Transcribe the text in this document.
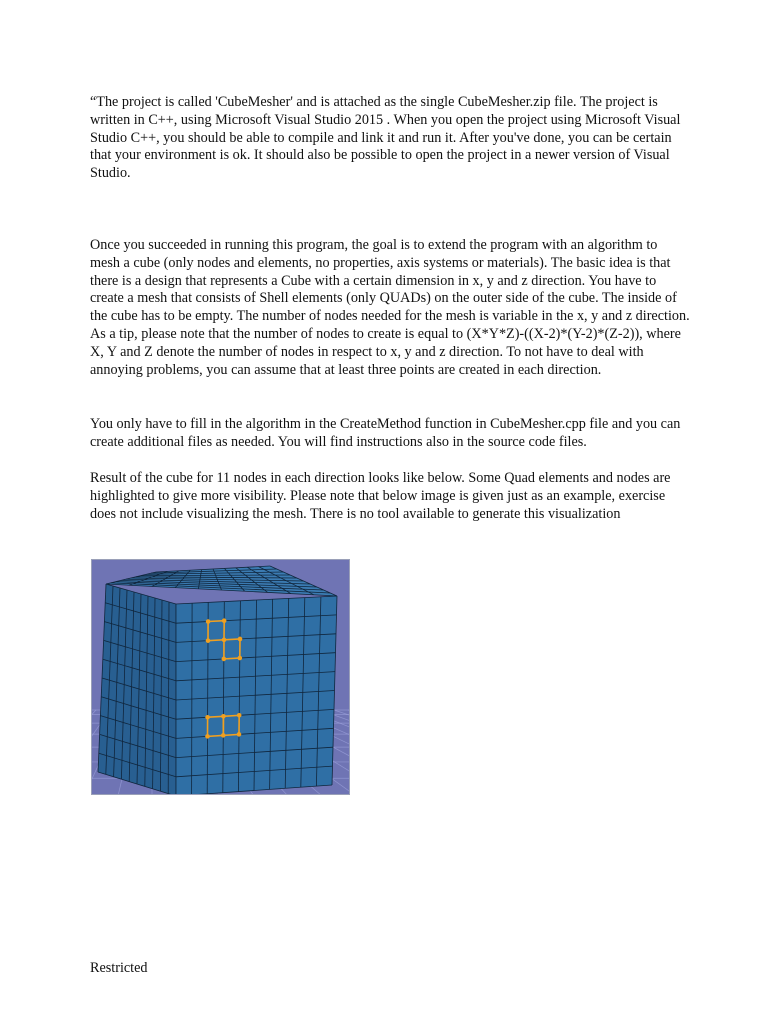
“The project is called 'CubeMesher' and is attached as the single CubeMesher.zip file. The project is written in C++, using Microsoft Visual Studio 2015 . When you open the project using Microsoft Visual Studio C++, you should be able to compile and link it and run it. After you've done, you can be certain that your environment is ok. It should also be possible to open the project in a newer version of Visual Studio.

Once you succeeded in running this program, the goal is to extend the program with an algorithm to mesh a cube (only nodes and elements, no properties, axis systems or materials). The basic idea is that there is a design that represents a Cube with a certain dimension in x, y and z direction. You have to create a mesh that consists of Shell elements (only QUADs) on the outer side of the cube. The inside of the cube has to be empty. The number of nodes needed for the mesh is variable in the x, y and z direction. As a tip, please note that the number of nodes to create is equal to (X*Y*Z)-((X-2)*(Y-2)*(Z-2)), where X, Y and Z denote the number of nodes in respect to x, y and z direction. To not have to deal with annoying problems, you can assume that at least three points are created in each direction.

You only have to fill in the algorithm in the CreateMethod function in CubeMesher.cpp file and you can create additional files as needed. You will find instructions also in the source code files.

Result of the cube for 11 nodes in each direction looks like below. Some Quad elements and nodes are highlighted to give more visibility. Please note that below image is given just as an example, exercise does not include visualizing the mesh. There is no tool available to generate this visualization

Restricted
